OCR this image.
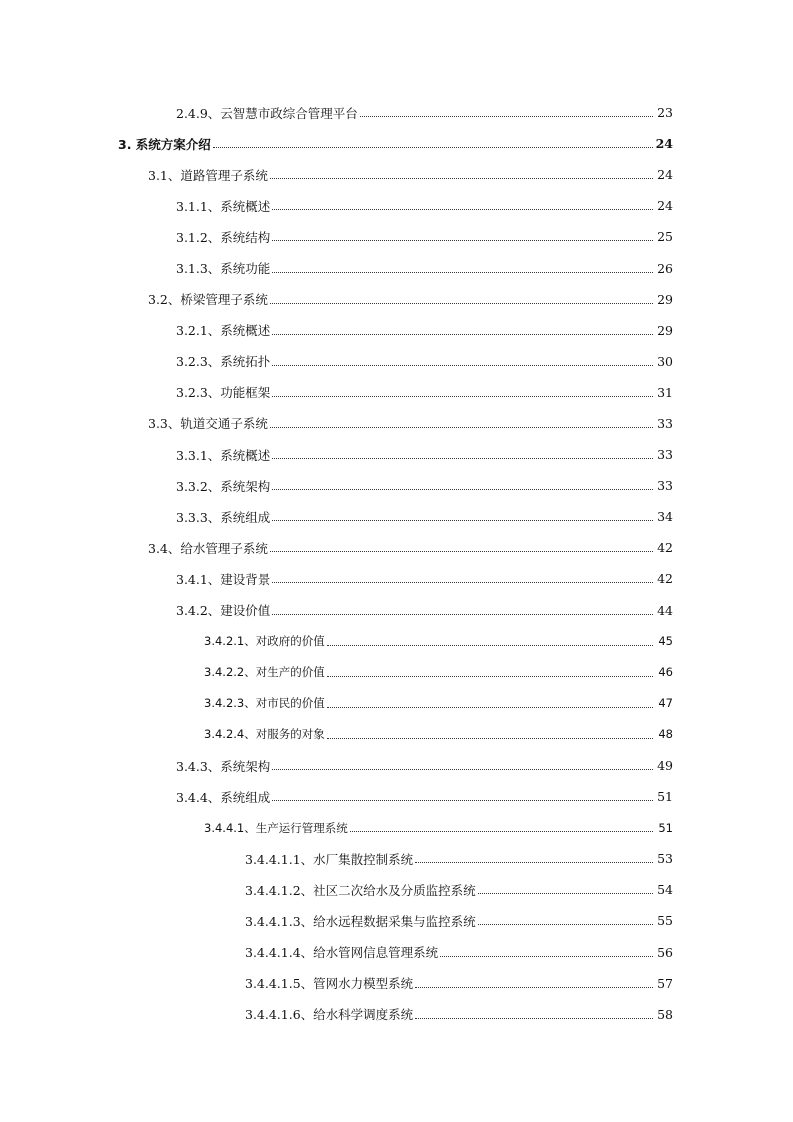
2.4.9、云智慧市政综合管理平台	23
3. 系统方案介绍	24
3.1、道路管理子系统	24
3.1.1、系统概述	24
3.1.2、系统结构	25
3.1.3、系统功能	26
3.2、桥梁管理子系统	29
3.2.1、系统概述	29
3.2.3、系统拓扑	30
3.2.3、功能框架	31
3.3、轨道交通子系统	33
3.3.1、系统概述	33
3.3.2、系统架构	33
3.3.3、系统组成	34
3.4、给水管理子系统	42
3.4.1、建设背景	42
3.4.2、建设价值	44
3.4.2.1、对政府的价值	45
3.4.2.2、对生产的价值	46
3.4.2.3、对市民的价值	47
3.4.2.4、对服务的对象	48
3.4.3、系统架构	49
3.4.4、系统组成	51
3.4.4.1、生产运行管理系统	51
3.4.4.1.1、水厂集散控制系统	53
3.4.4.1.2、社区二次给水及分质监控系统	54
3.4.4.1.3、给水远程数据采集与监控系统	55
3.4.4.1.4、给水管网信息管理系统	56
3.4.4.1.5、管网水力模型系统	57
3.4.4.1.6、给水科学调度系统	58
